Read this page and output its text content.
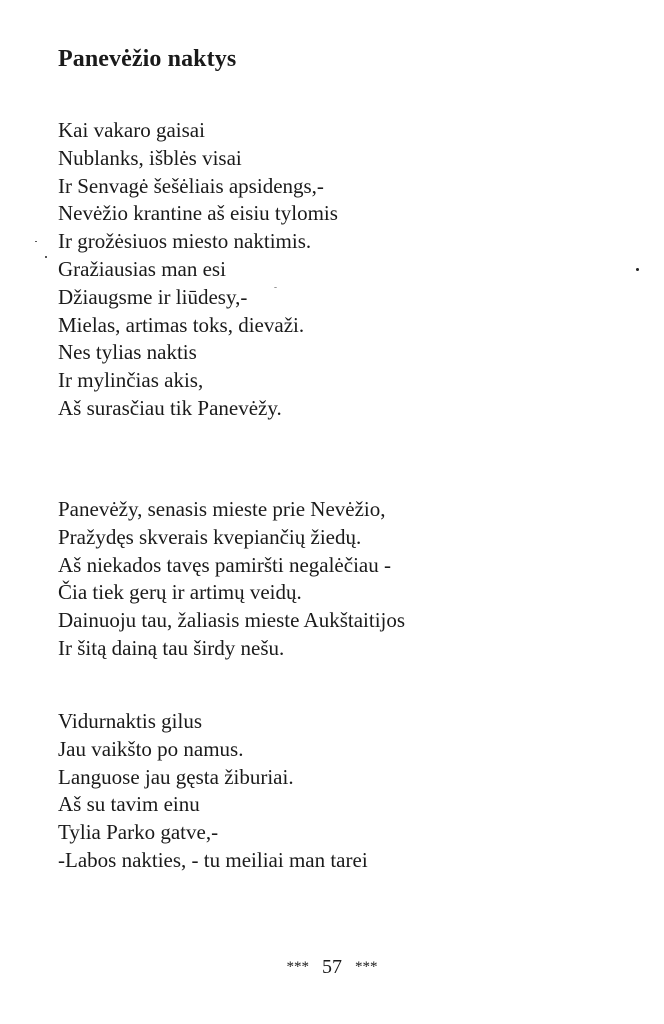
Panevėžio naktys
Kai vakaro gaisai
Nublanks, išblės visai
Ir Senvagė šešėliais apsidengs,-
Nevėžio krantine aš eisiu tylomis
Ir grožėsiuos miesto naktimis.
Gražiausias man esi
Džiaugsme ir liūdesy,-
Mielas, artimas toks, dievaži.
Nes tylias naktis
Ir mylinčias akis,
Aš surasčiau tik Panevėžy.
Panevėžy, senasis mieste prie Nevėžio,
Pražydęs skverais kvepiančių žiedų.
Aš niekados tavęs pamiršti negalėčiau -
Čia tiek gerų ir artimų veidų.
Dainuoju tau, žaliasis mieste Aukštaitijos
Ir šitą dainą tau širdy nešu.
Vidurnaktis gilus
Jau vaikšto po namus.
Languose jau gęsta žiburiai.
Aš su tavim einu
Tylia Parko gatve,-
-Labos nakties, - tu meiliai man tarei
*** 57 ***
